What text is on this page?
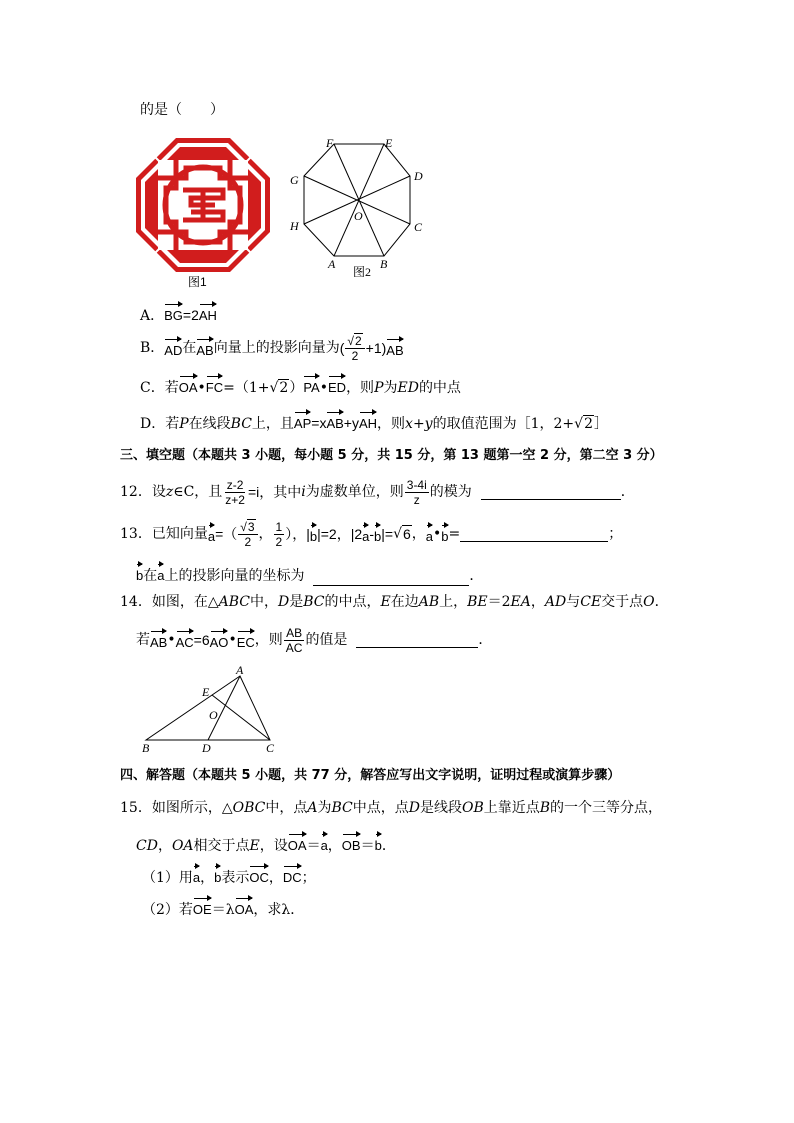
的是（　　）
图1
F	E
D
C
B
A
H
G
O
图2
A．BG=2AH
B． AD 在 AB 向量上的投影向量为 ( $\frac{√2}{2} +1$) AB
C．若OA•FC=（1+√2）PA•ED，则P为ED的中点
D．若P在线段BC上，且AP=xAB+yAH，则x+y的取值范围为［1，2+√2］
三、填空题（本题共 3 小题，每小题 5 分，共 15 分，第 13 题第一空 2 分，第二空 3 分）
12．设 z ∈C ，且 $\frac{z-2}{z+2} =i$，其中 i 为虚数单位，则 $\frac{3-4i}{z}$ 的模为
	．
13．已知向量 a =（ $\frac{√3}{2}$ ， $\frac{1}{2}$ ），| b |=2，|2 a - b |= √ 6 ， a • b =	；
b在a上的投影向量的坐标为	．
14．如图，在△ABC中，D是BC的中点，E在边AB上，BE＝2EA，AD与CE交于点O．
若 AB • AC =6 AO • EC ，则 $\frac{AB}{AC}$ 的值是
	．
A
E
O
B	D	C
四、解答题（本题共 5 小题，共 77 分，解答应写出文字说明，证明过程或演算步骤）
15．如图所示，△OBC中，点A为BC中点，点D是线段OB上靠近点B的一个三等分点，
CD，OA相交于点E，设OA＝a，OB＝b．
（1）用a，b表示OC，DC；
（2）若OE＝λOA，求λ．
